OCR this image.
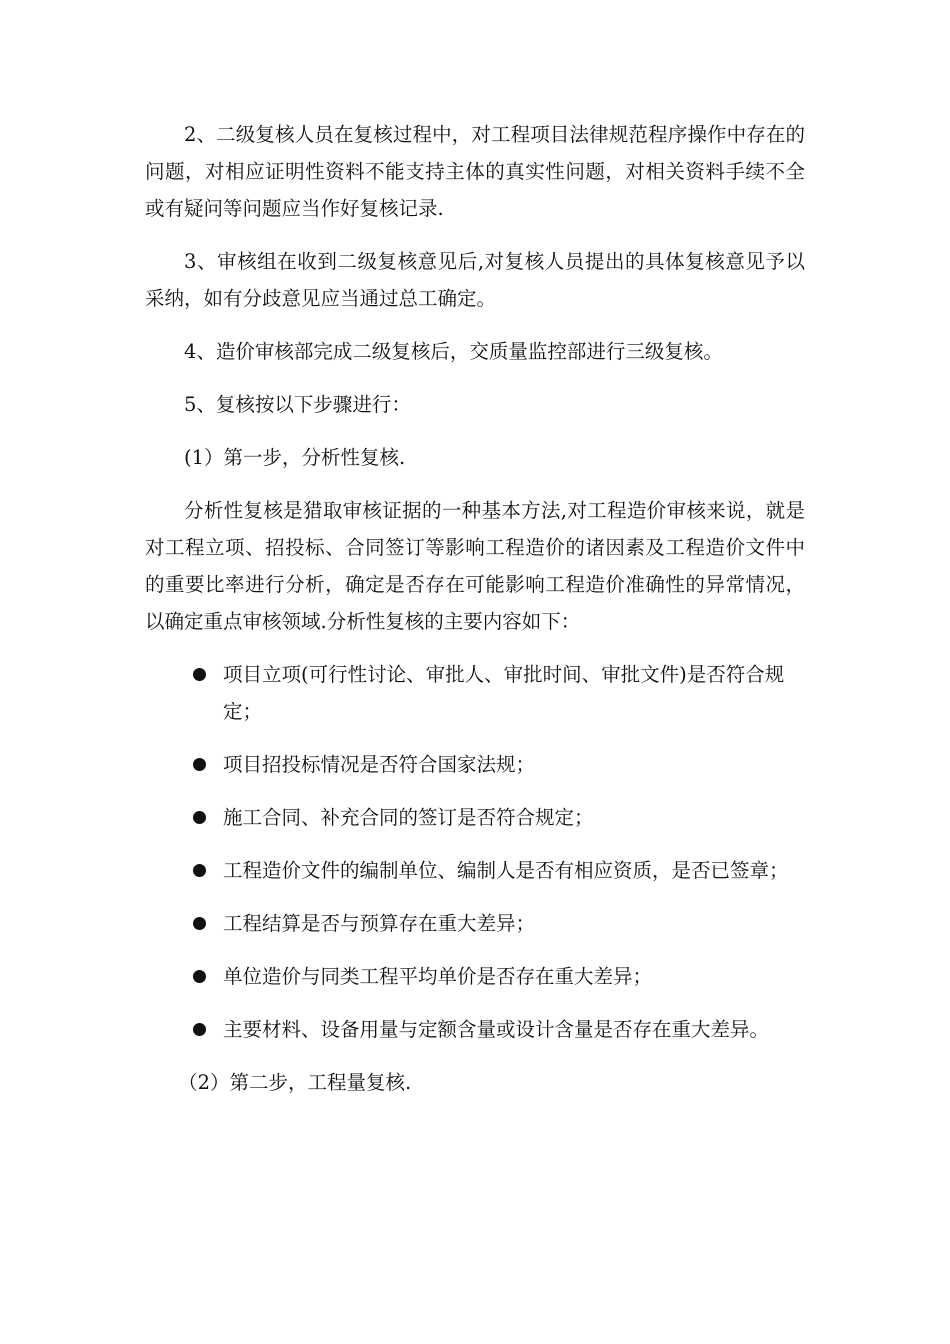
2、二级复核人员在复核过程中，对工程项目法律规范程序操作中存在的问题，对相应证明性资料不能支持主体的真实性问题，对相关资料手续不全或有疑问等问题应当作好复核记录.

3、审核组在收到二级复核意见后,对复核人员提出的具体复核意见予以采纳，如有分歧意见应当通过总工确定。

4、造价审核部完成二级复核后，交质量监控部进行三级复核。

5、复核按以下步骤进行：

(1）第一步，分析性复核.

分析性复核是猎取审核证据的一种基本方法,对工程造价审核来说，就是对工程立项、招投标、合同签订等影响工程造价的诸因素及工程造价文件中的重要比率进行分析，确定是否存在可能影响工程造价准确性的异常情况，以确定重点审核领域.分析性复核的主要内容如下：

项目立项(可行性讨论、审批人、审批时间、审批文件)是否符合规定；
项目招投标情况是否符合国家法规；
施工合同、补充合同的签订是否符合规定；
工程造价文件的编制单位、编制人是否有相应资质，是否已签章；
工程结算是否与预算存在重大差异；
单位造价与同类工程平均单价是否存在重大差异；
主要材料、设备用量与定额含量或设计含量是否存在重大差异。

（2）第二步，工程量复核.
